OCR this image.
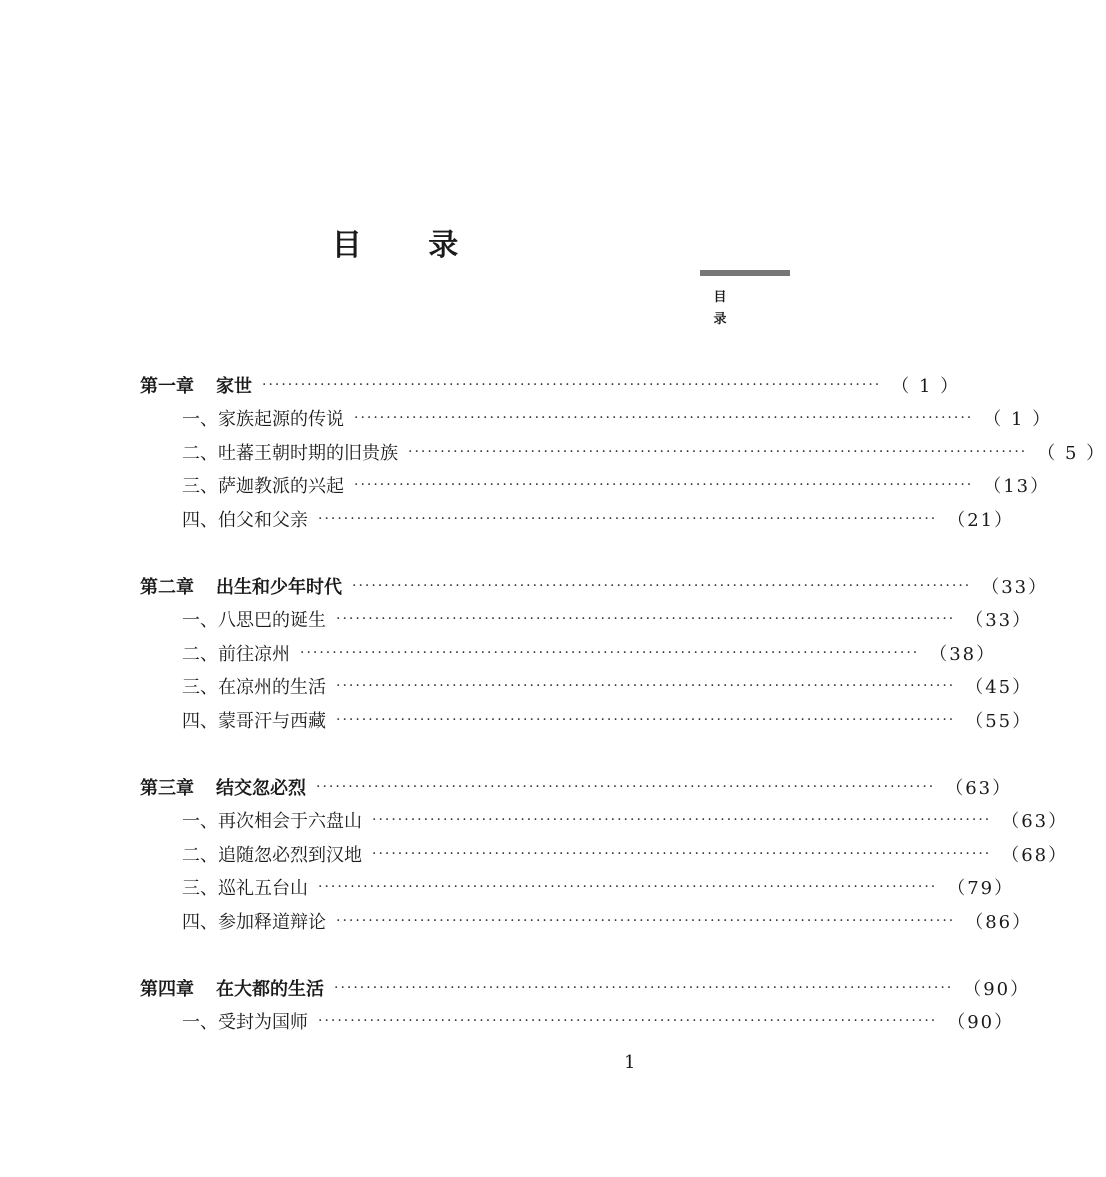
目 录
目
录
第一章 家世 ································································································ （ 1 ）
一、家族起源的传说 ································································································ （ 1 ）
二、吐蕃王朝时期的旧贵族 ································································································ （ 5 ）
三、萨迦教派的兴起 ································································································ （13）
四、伯父和父亲 ································································································ （21）
第二章 出生和少年时代 ································································································ （33）
一、八思巴的诞生 ································································································ （33）
二、前往凉州 ································································································ （38）
三、在凉州的生活 ································································································ （45）
四、蒙哥汗与西藏 ································································································ （55）
第三章 结交忽必烈 ································································································ （63）
一、再次相会于六盘山 ································································································ （63）
二、追随忽必烈到汉地 ································································································ （68）
三、巡礼五台山 ································································································ （79）
四、参加释道辩论 ································································································ （86）
第四章 在大都的生活 ································································································ （90）
一、受封为国师 ································································································ （90）
1
